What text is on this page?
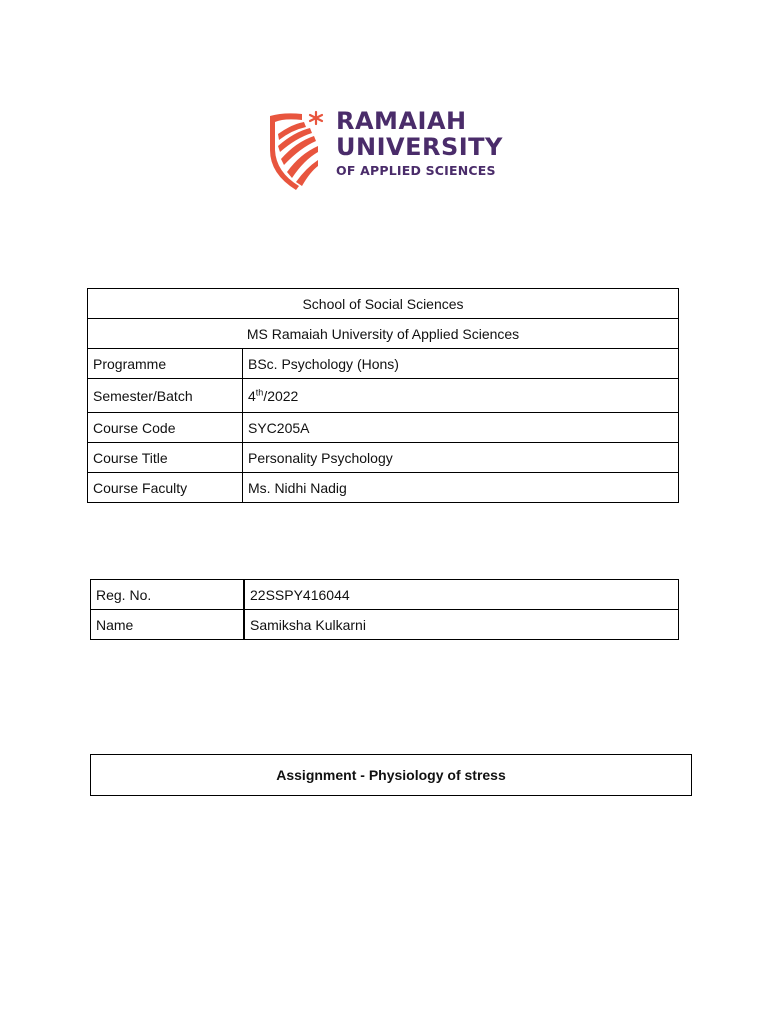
RAMAIAH
UNIVERSITY
OF APPLIED SCIENCES
School of Social Sciences	
MS Ramaiah University of Applied Sciences	
Programme	BSc. Psychology (Hons)
Semester/Batch	4th/2022
Course Code	SYC205A
Course Title	Personality Psychology
Course Faculty	Ms. Nidhi Nadig
Reg. No.	22SSPY416044
Name	Samiksha Kulkarni
Assignment - Physiology of stress
